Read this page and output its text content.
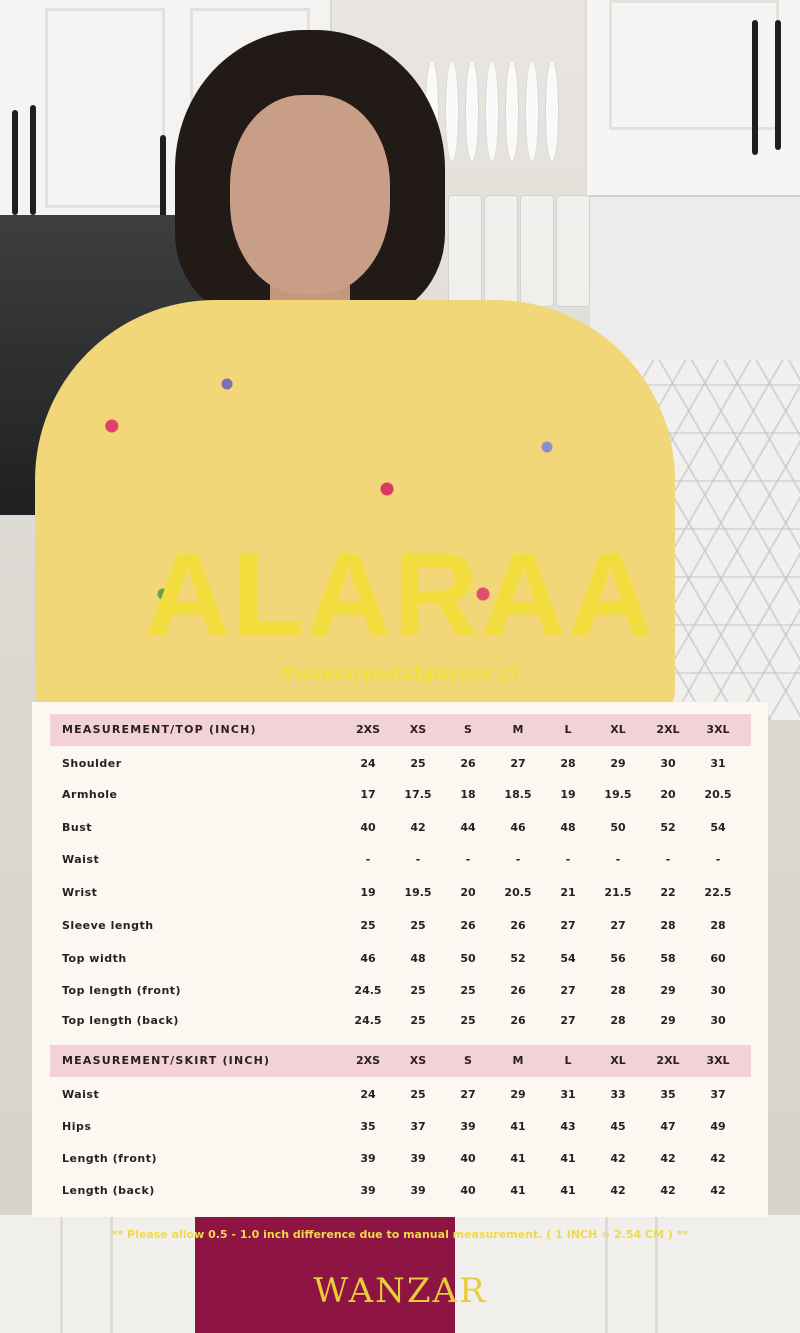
ALARAA

#wanzarnostalgiaraya'25

MEASUREMENT/TOP (INCH)	2XS	XS	S	M	L	XL	2XL	3XL
Shoulder	24	25	26	27	28	29	30	31
Armhole	17	17.5	18	18.5	19	19.5	20	20.5
Bust	40	42	44	46	48	50	52	54
Waist	-	-	-	-	-	-	-	-
Wrist	19	19.5	20	20.5	21	21.5	22	22.5
Sleeve length	25	25	26	26	27	27	28	28
Top width	46	48	50	52	54	56	58	60
Top length (front)	24.5	25	25	26	27	28	29	30
Top length (back)	24.5	25	25	26	27	28	29	30
MEASUREMENT/SKIRT (INCH)	2XS	XS	S	M	L	XL	2XL	3XL
Waist	24	25	27	29	31	33	35	37
Hips	35	37	39	41	43	45	47	49
Length (front)	39	39	40	41	41	42	42	42
Length (back)	39	39	40	41	41	42	42	42

** Please allow 0.5 - 1.0 inch difference due to manual measurement. ( 1 INCH = 2.54 CM ) **

WANZAR
